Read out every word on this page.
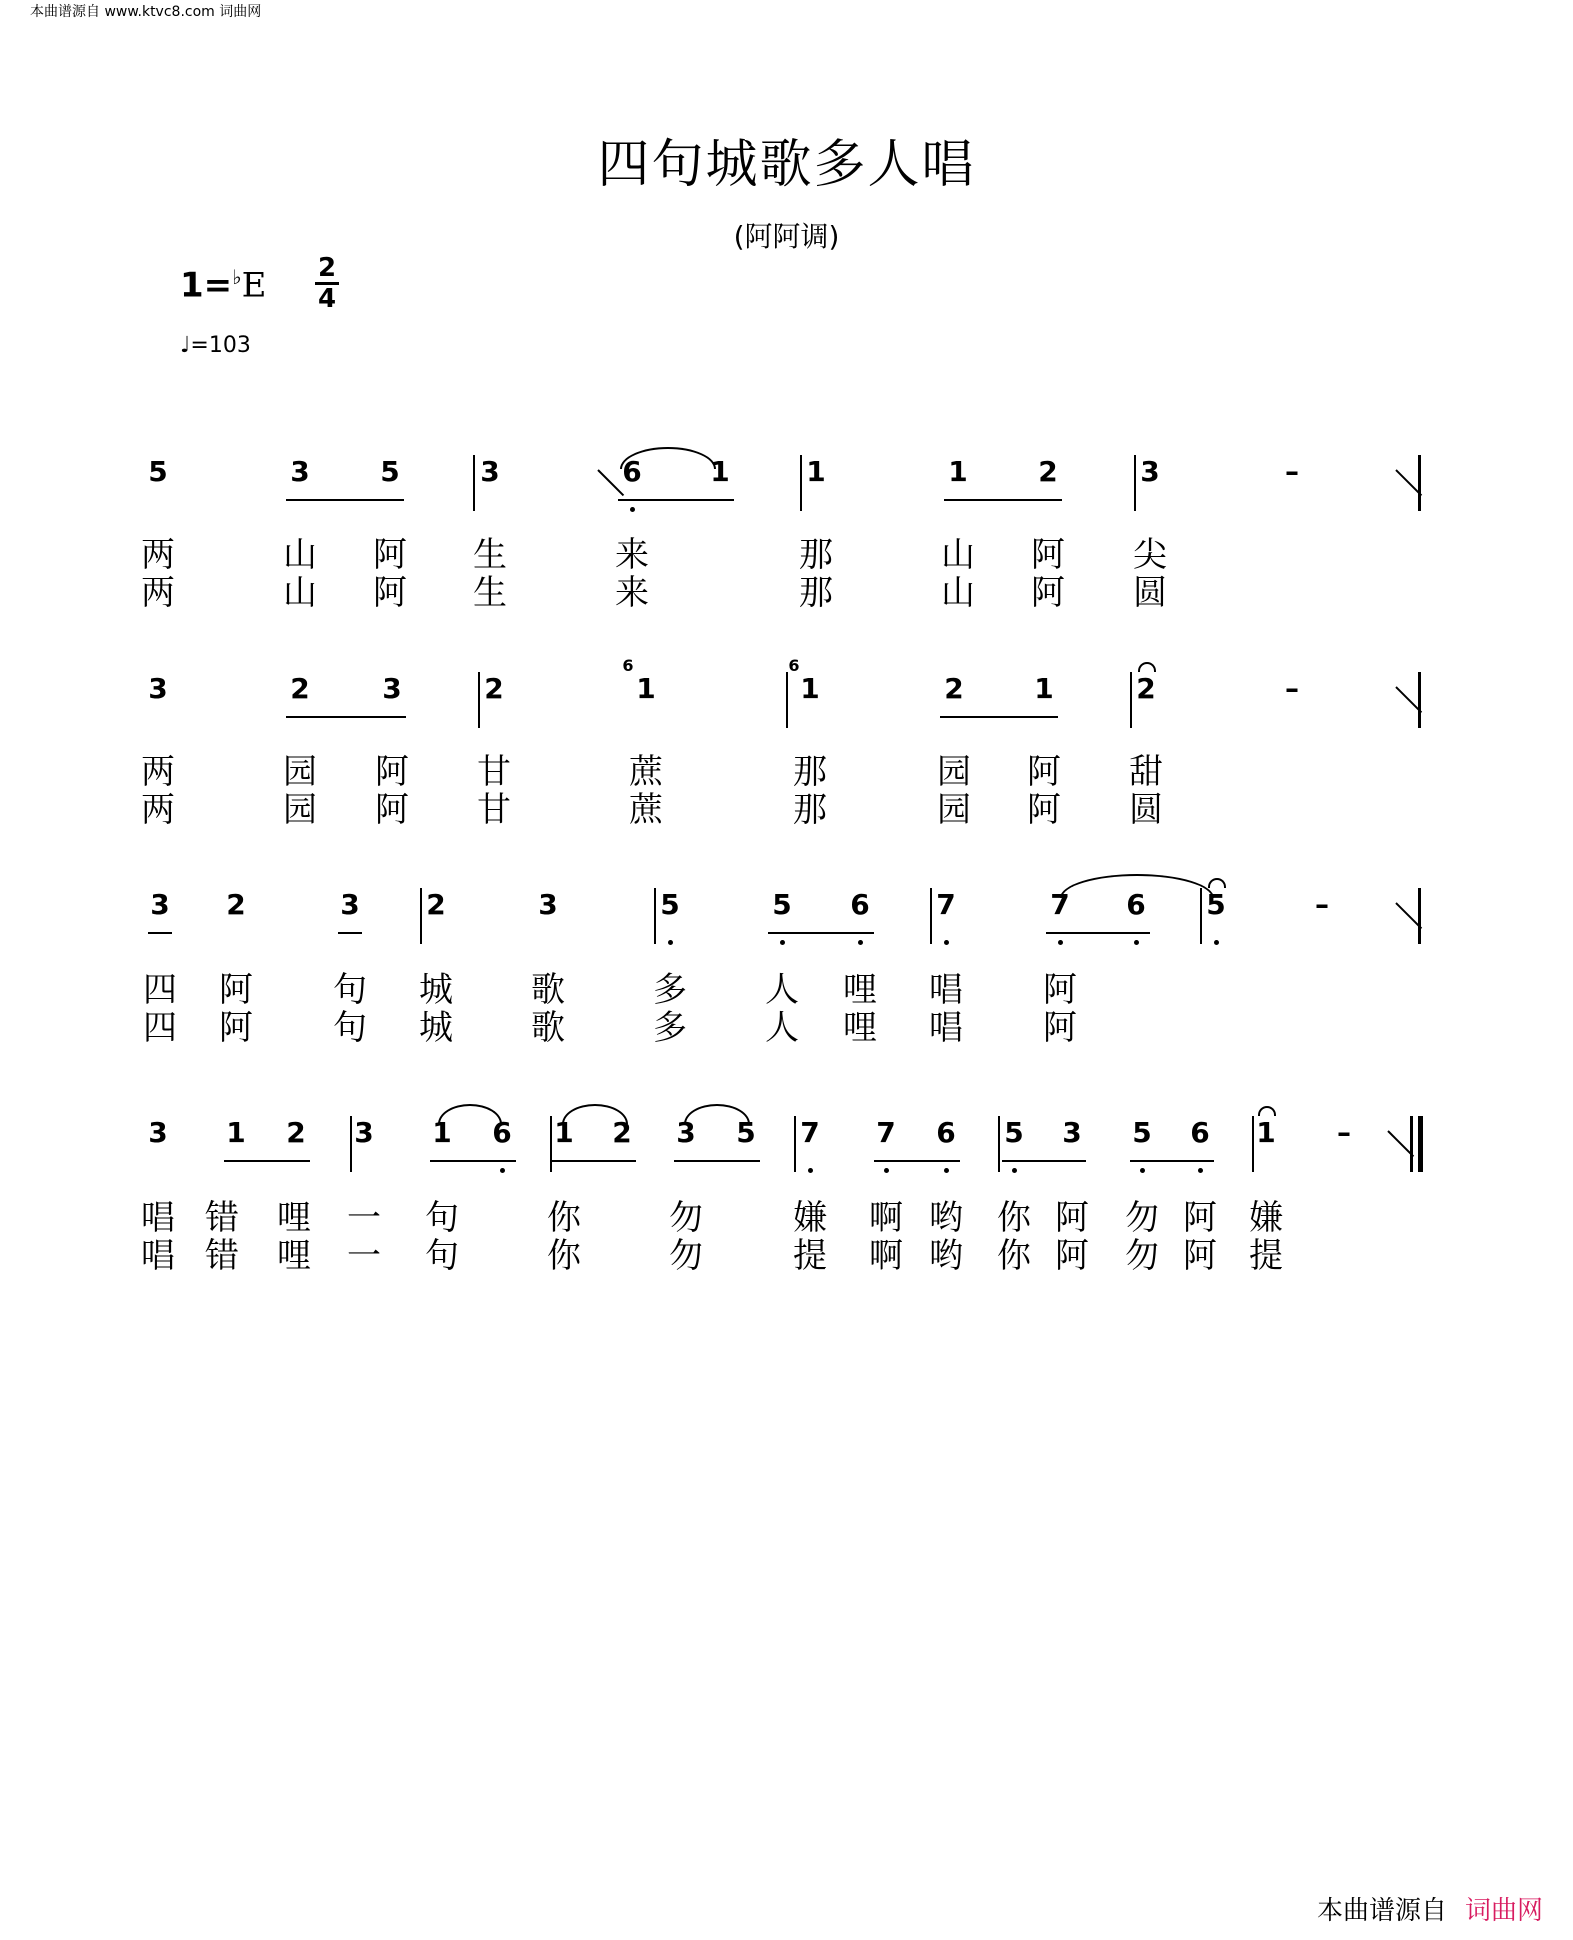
本曲谱源自 www.ktvc8.com 词曲网
四句城歌多人唱
(阿阿调)
1=♭E 2
4
♩=103
5	3	5	3	6 1	1	1	2	3	–
两	山 阿 生	来	那	山 阿 尖
两	山 阿 生	来	那	山 阿 圆
3	2	3	2
6
1
6
1	2	1	2	–
两	园 阿 甘	蔗	那	园 阿 甜
两	园 阿 甘	蔗	那	园 阿 圆
3 2	3 2	3	5	5 6 7	7 6 5	–
四 阿 句 城 歌	多 人 哩 唱 阿
四 阿 句 城 歌	多 人 哩 唱 阿
3 1 2 3 1 6 1 2 3 5 7 7 6 5 3 5 6 1 –
唱 错 哩 一 句	你	勿	嫌 啊 哟 你 阿 勿 阿 嫌
唱 错 哩 一 句	你	勿	提 啊 哟 你 阿 勿 阿 提
本曲谱源自 词曲网
